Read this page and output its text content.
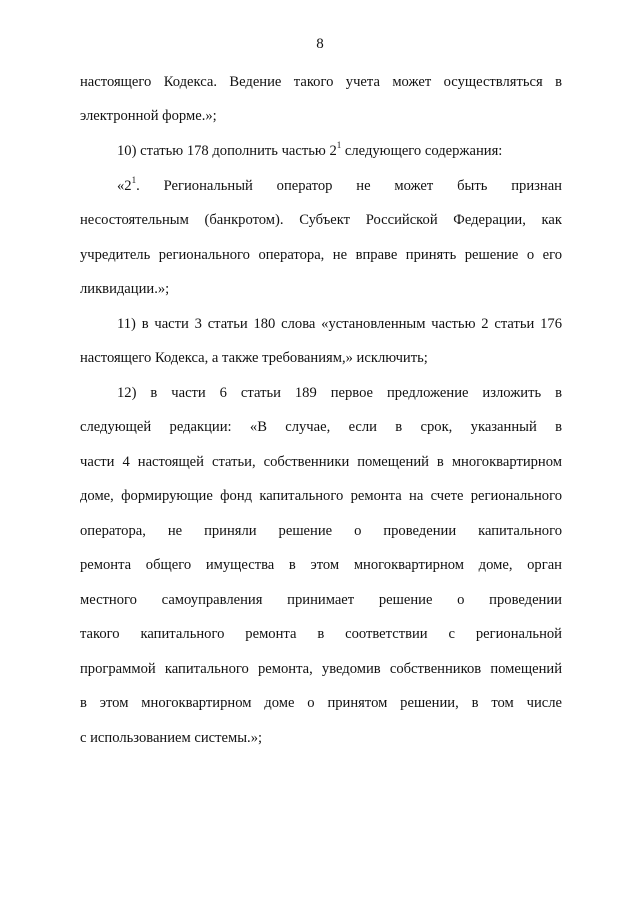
8
настоящего Кодекса. Ведение такого учета может осуществляться в
электронной форме.»;
10) статью 178 дополнить частью $2^1$ следующего содержания:
«$2^1$. Региональный оператор не может быть признан
несостоятельным (банкротом). Субъект Российской Федерации, как
учредитель регионального оператора, не вправе принять решение о его
ликвидации.»;
11) в части 3 статьи 180 слова «установленным частью 2 статьи 176
настоящего Кодекса, а также требованиям,» исключить;
12) в части 6 статьи 189 первое предложение изложить в
следующей редакции: «В случае, если в срок, указанный в
части 4 настоящей статьи, собственники помещений в многоквартирном
доме, формирующие фонд капитального ремонта на счете регионального
оператора, не приняли решение о проведении капитального
ремонта общего имущества в этом многоквартирном доме, орган
местного самоуправления принимает решение о проведении
такого капитального ремонта в соответствии с региональной
программой капитального ремонта, уведомив собственников помещений
в этом многоквартирном доме о принятом решении, в том числе
с использованием системы.»;
